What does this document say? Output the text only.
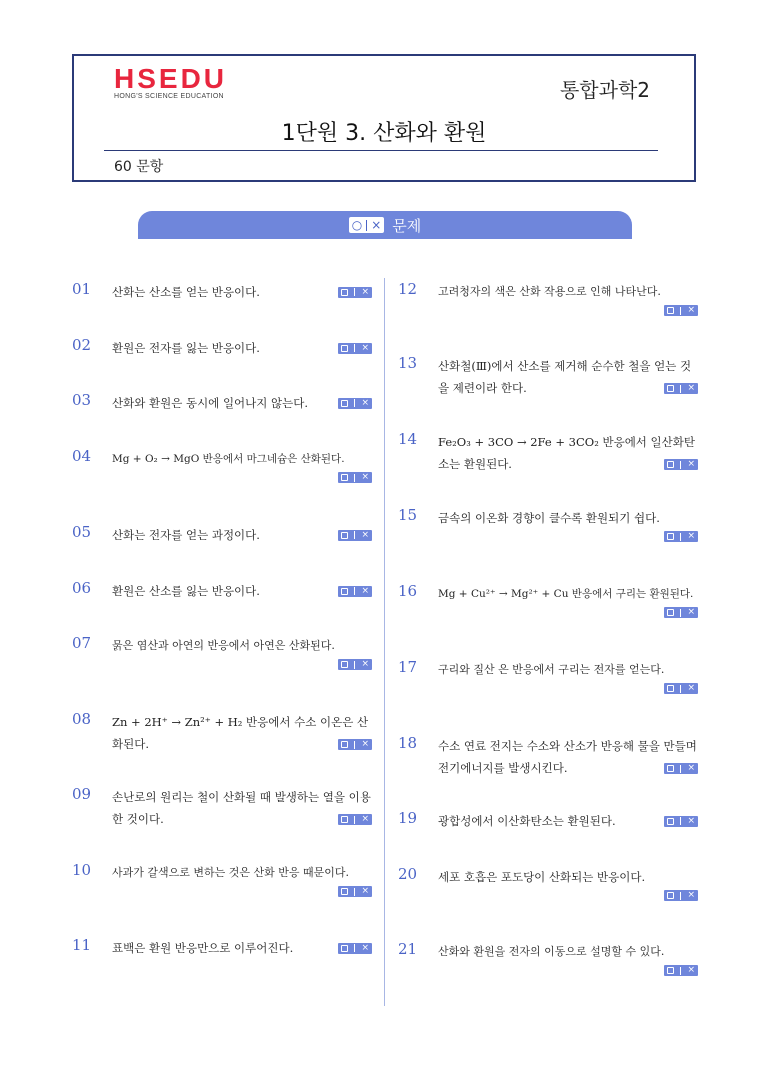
HSEDU
HONG'S SCIENCE EDUCATION	통합과학2
1단원 3. 산화와 환원
60 문항
○ × 문제
01 산화는 산소를 얻는 반응이다.	×
02 환원은 전자를 잃는 반응이다.	×
03 산화와 환원은 동시에 일어나지 않는다.	×
04 Mg + O₂ → MgO 반응에서 마그네슘은 산화된다.
×
05 산화는 전자를 얻는 과정이다.	×
06 환원은 산소를 잃는 반응이다.	×
07 묽은 염산과 아연의 반응에서 아연은 산화된다.
×
08 Zn + 2H⁺ → Zn²⁺ + H₂ 반응에서 수소 이온은 산화된다.	×
09 손난로의 원리는 철이 산화될 때 발생하는 열을 이용한 것이다.	×
10 사과가 갈색으로 변하는 것은 산화 반응 때문이다.
×
11 표백은 환원 반응만으로 이루어진다.	×
12 고려청자의 색은 산화 작용으로 인해 나타난다.
×
13 산화철(Ⅲ)에서 산소를 제거해 순수한 철을 얻는 것을 제련이라 한다.	×
14 Fe₂O₃ + 3CO → 2Fe + 3CO₂ 반응에서 일산화탄소는 환원된다.	×
15 금속의 이온화 경향이 클수록 환원되기 쉽다.
×
16 Mg + Cu²⁺ → Mg²⁺ + Cu 반응에서 구리는 환원된다.
×
17 구리와 질산 은 반응에서 구리는 전자를 얻는다.
×
18 수소 연료 전지는 수소와 산소가 반응해 물을 만들며 전기에너지를 발생시킨다.	×
19 광합성에서 이산화탄소는 환원된다.	×
20 세포 호흡은 포도당이 산화되는 반응이다.
×
21 산화와 환원을 전자의 이동으로 설명할 수 있다.
×
